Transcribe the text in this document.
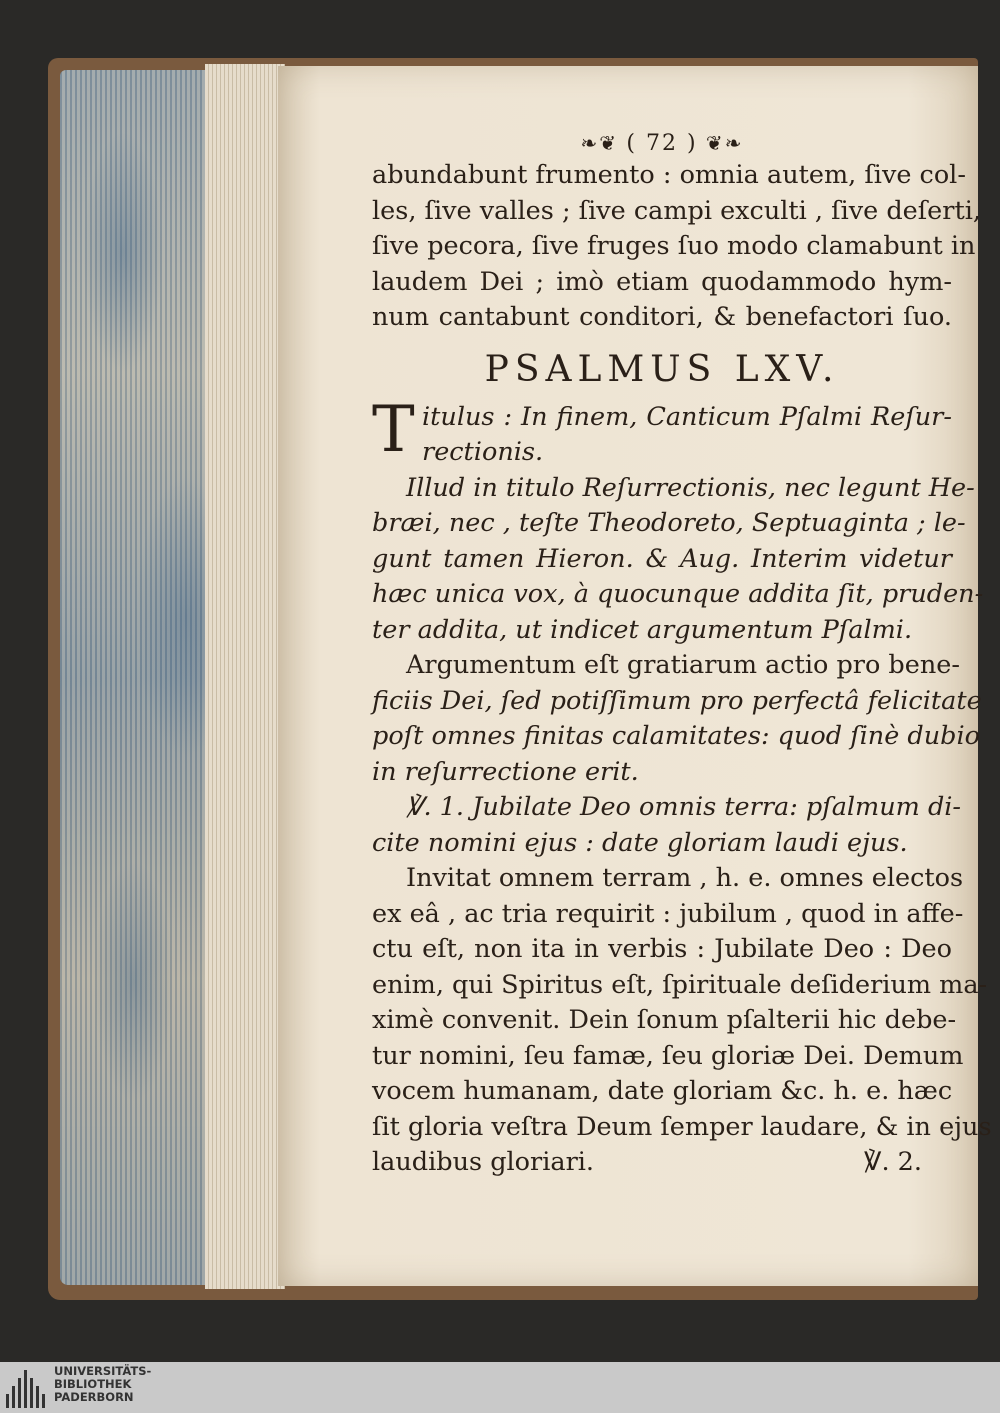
❧❦ ( 72 ) ❦❧
abundabunt frumento : omnia autem, ſive col-
les, ſive valles ; ſive campi exculti , ſive deſerti,
ſive pecora, ſive fruges ſuo modo clamabunt in
laudem Dei ; imò etiam quodammodo hym-
num cantabunt conditori, & benefactori ſuo.
PSALMUS LXV.
T itulus : In finem, Canticum Pſalmi Reſur-
rectionis.
Illud in titulo Reſurrectionis, nec legunt He-
bræi, nec , teſte Theodoreto, Septuaginta ; le-
gunt tamen Hieron. & Aug. Interim videtur
hæc unica vox, à quocunque addita ſit, pruden-
ter addita, ut indicet argumentum Pſalmi.
Argumentum eſt gratiarum actio pro bene-
ficiis Dei, ſed potiſſimum pro perfectâ felicitate
poſt omnes finitas calamitates: quod ſinè dubio
in reſurrectione erit.
℣. 1. Jubilate Deo omnis terra: pſalmum di-
cite nomini ejus : date gloriam laudi ejus.
Invitat omnem terram , h. e. omnes electos
ex eâ , ac tria requirit : jubilum , quod in affe-
ctu eſt, non ita in verbis : Jubilate Deo : Deo
enim, qui Spiritus eſt, ſpirituale deſiderium ma-
ximè convenit. Dein ſonum pſalterii hic debe-
tur nomini, ſeu famæ, ſeu gloriæ Dei. Demum
vocem humanam, date gloriam &c. h. e. hæc
ſit gloria veſtra Deum ſemper laudare, & in ejus
laudibus gloriari.	℣. 2.
UNIVERSITÄTS-
BIBLIOTHEK
PADERBORN
